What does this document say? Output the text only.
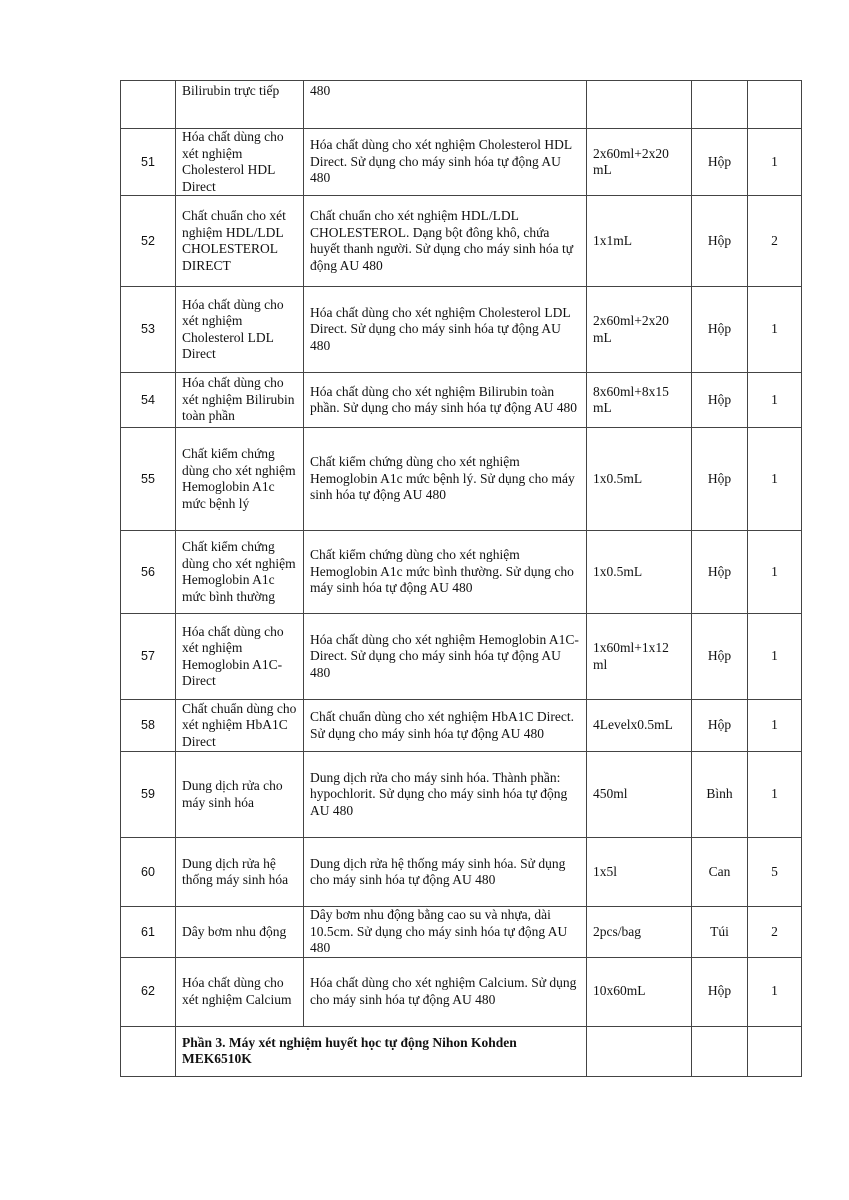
	Bilirubin trực tiếp	480			
51	Hóa chất dùng cho xét nghiệm Cholesterol HDL Direct	Hóa chất dùng cho xét nghiệm Cholesterol HDL Direct. Sử dụng cho máy sinh hóa tự động AU 480	2x60ml+2x20 mL	Hộp	1
52	Chất chuẩn cho xét nghiệm HDL/LDL CHOLESTEROL DIRECT	Chất chuẩn cho xét nghiệm HDL/LDL CHOLESTEROL. Dạng bột đông khô, chứa huyết thanh người. Sử dụng cho máy sinh hóa tự động AU 480	1x1mL	Hộp	2
53	Hóa chất dùng cho xét nghiệm Cholesterol LDL Direct	Hóa chất dùng cho xét nghiệm Cholesterol LDL Direct. Sử dụng cho máy sinh hóa tự động AU 480	2x60ml+2x20 mL	Hộp	1
54	Hóa chất dùng cho xét nghiệm Bilirubin toàn phần	Hóa chất dùng cho xét nghiệm Bilirubin toàn phần. Sử dụng cho máy sinh hóa tự động AU 480	8x60ml+8x15 mL	Hộp	1
55	Chất kiểm chứng dùng cho xét nghiệm Hemoglobin A1c mức bệnh lý	Chất kiểm chứng dùng cho xét nghiệm Hemoglobin A1c mức bệnh lý. Sử dụng cho máy sinh hóa tự động AU 480	1x0.5mL	Hộp	1
56	Chất kiểm chứng dùng cho xét nghiệm Hemoglobin A1c mức bình thường	Chất kiểm chứng dùng cho xét nghiệm Hemoglobin A1c mức bình thường. Sử dụng cho máy sinh hóa tự động AU 480	1x0.5mL	Hộp	1
57	Hóa chất dùng cho xét nghiệm Hemoglobin A1C-Direct	Hóa chất dùng cho xét nghiệm Hemoglobin A1C-Direct. Sử dụng cho máy sinh hóa tự động AU 480	1x60ml+1x12 ml	Hộp	1
58	Chất chuẩn dùng cho xét nghiệm HbA1C Direct	Chất chuẩn dùng cho xét nghiệm HbA1C Direct. Sử dụng cho máy sinh hóa tự động AU 480	4Levelx0.5mL	Hộp	1
59	Dung dịch rửa cho máy sinh hóa	Dung dịch rửa cho máy sinh hóa. Thành phần: hypochlorit. Sử dụng cho máy sinh hóa tự động AU 480	450ml	Bình	1
60	Dung dịch rửa hệ thống máy sinh hóa	Dung dịch rửa hệ thống máy sinh hóa. Sử dụng cho máy sinh hóa tự động AU 480	1x5l	Can	5
61	Dây bơm nhu động	Dây bơm nhu động bằng cao su và nhựa, dài 10.5cm. Sử dụng cho máy sinh hóa tự động AU 480	2pcs/bag	Túi	2
62	Hóa chất dùng cho xét nghiệm Calcium	Hóa chất dùng cho xét nghiệm Calcium. Sử dụng cho máy sinh hóa tự động AU 480	10x60mL	Hộp	1
	Phần 3. Máy xét nghiệm huyết học tự động Nihon Kohden MEK6510K				
